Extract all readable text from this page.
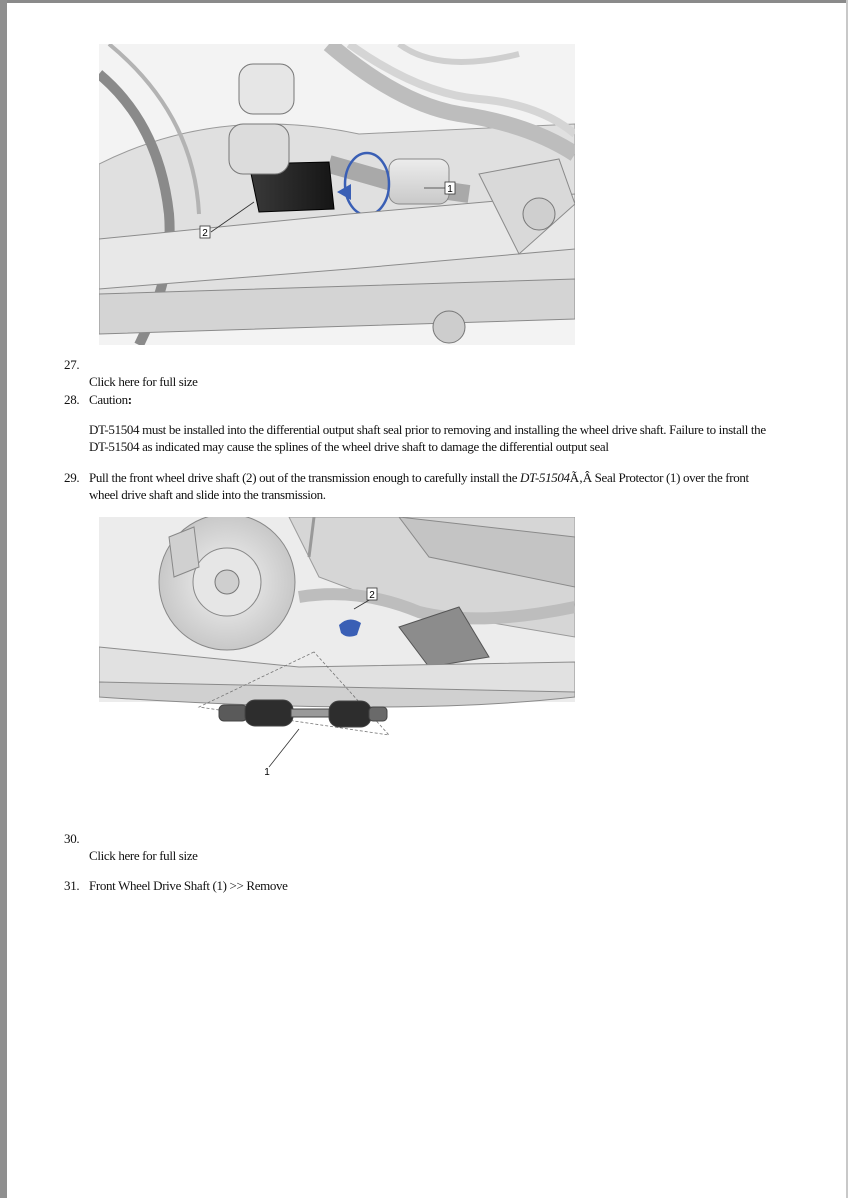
1
2
27.
Click here for full size
28. Caution:
DT-51504 must be installed into the differential output shaft seal prior to removing and installing the wheel drive shaft. Failure to install the
DT-51504 as indicated may cause the splines of the wheel drive shaft to damage the differential output seal
29. Pull the front wheel drive shaft (2) out of the transmission enough to carefully install the DT-51504Ã‚Â Seal Protector (1) over the front
wheel drive shaft and slide into the transmission.
2
1
30.
Click here for full size
31. Front Wheel Drive Shaft (1) >> Remove
